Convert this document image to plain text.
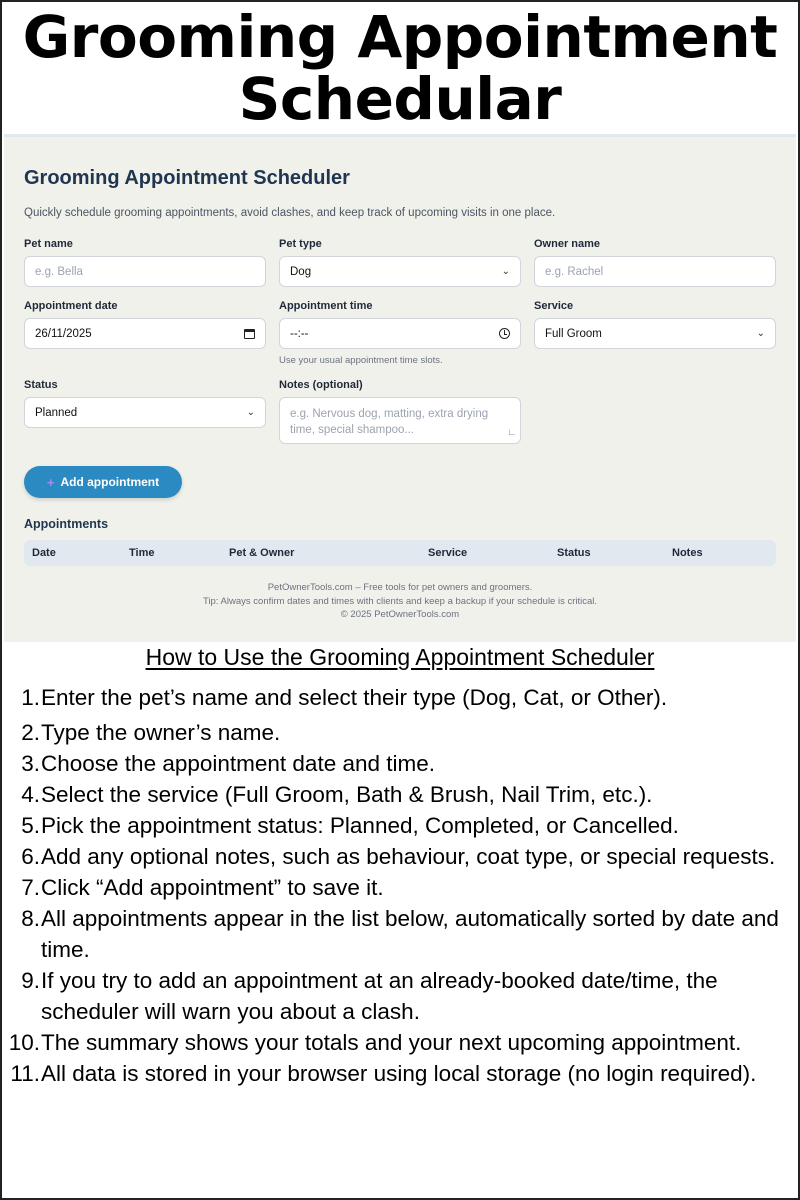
Grooming Appointment
Schedular
Grooming Appointment Scheduler
Quickly schedule grooming appointments, avoid clashes, and keep track of upcoming visits in one place.
Pet name
e.g. Bella
Pet type
Dog	⌄
Owner name
e.g. Rachel
Appointment date
26/11/2025
Appointment time
--:--
Use your usual appointment time slots.
Service
Full Groom	⌄
Status
Planned	⌄
Notes (optional)
e.g. Nervous dog, matting, extra drying time, special shampoo...	∟
+ Add appointment
Appointments
Date	Time	Pet & Owner	Service	Status	Notes
PetOwnerTools.com – Free tools for pet owners and groomers.
Tip: Always confirm dates and times with clients and keep a backup if your schedule is critical.
© 2025 PetOwnerTools.com
How to Use the Grooming Appointment Scheduler
1. Enter the pet’s name and select their type (Dog, Cat, or Other).
2. Type the owner’s name.
3. Choose the appointment date and time.
4. Select the service (Full Groom, Bath & Brush, Nail Trim, etc.).
5. Pick the appointment status: Planned, Completed, or Cancelled.
6. Add any optional notes, such as behaviour, coat type, or special requests.
7. Click “Add appointment” to save it.
8. All appointments appear in the list below, automatically sorted by date and time.
9. If you try to add an appointment at an already-booked date/time, the scheduler will warn you about a clash.
10. The summary shows your totals and your next upcoming appointment.
11. All data is stored in your browser using local storage (no login required).
